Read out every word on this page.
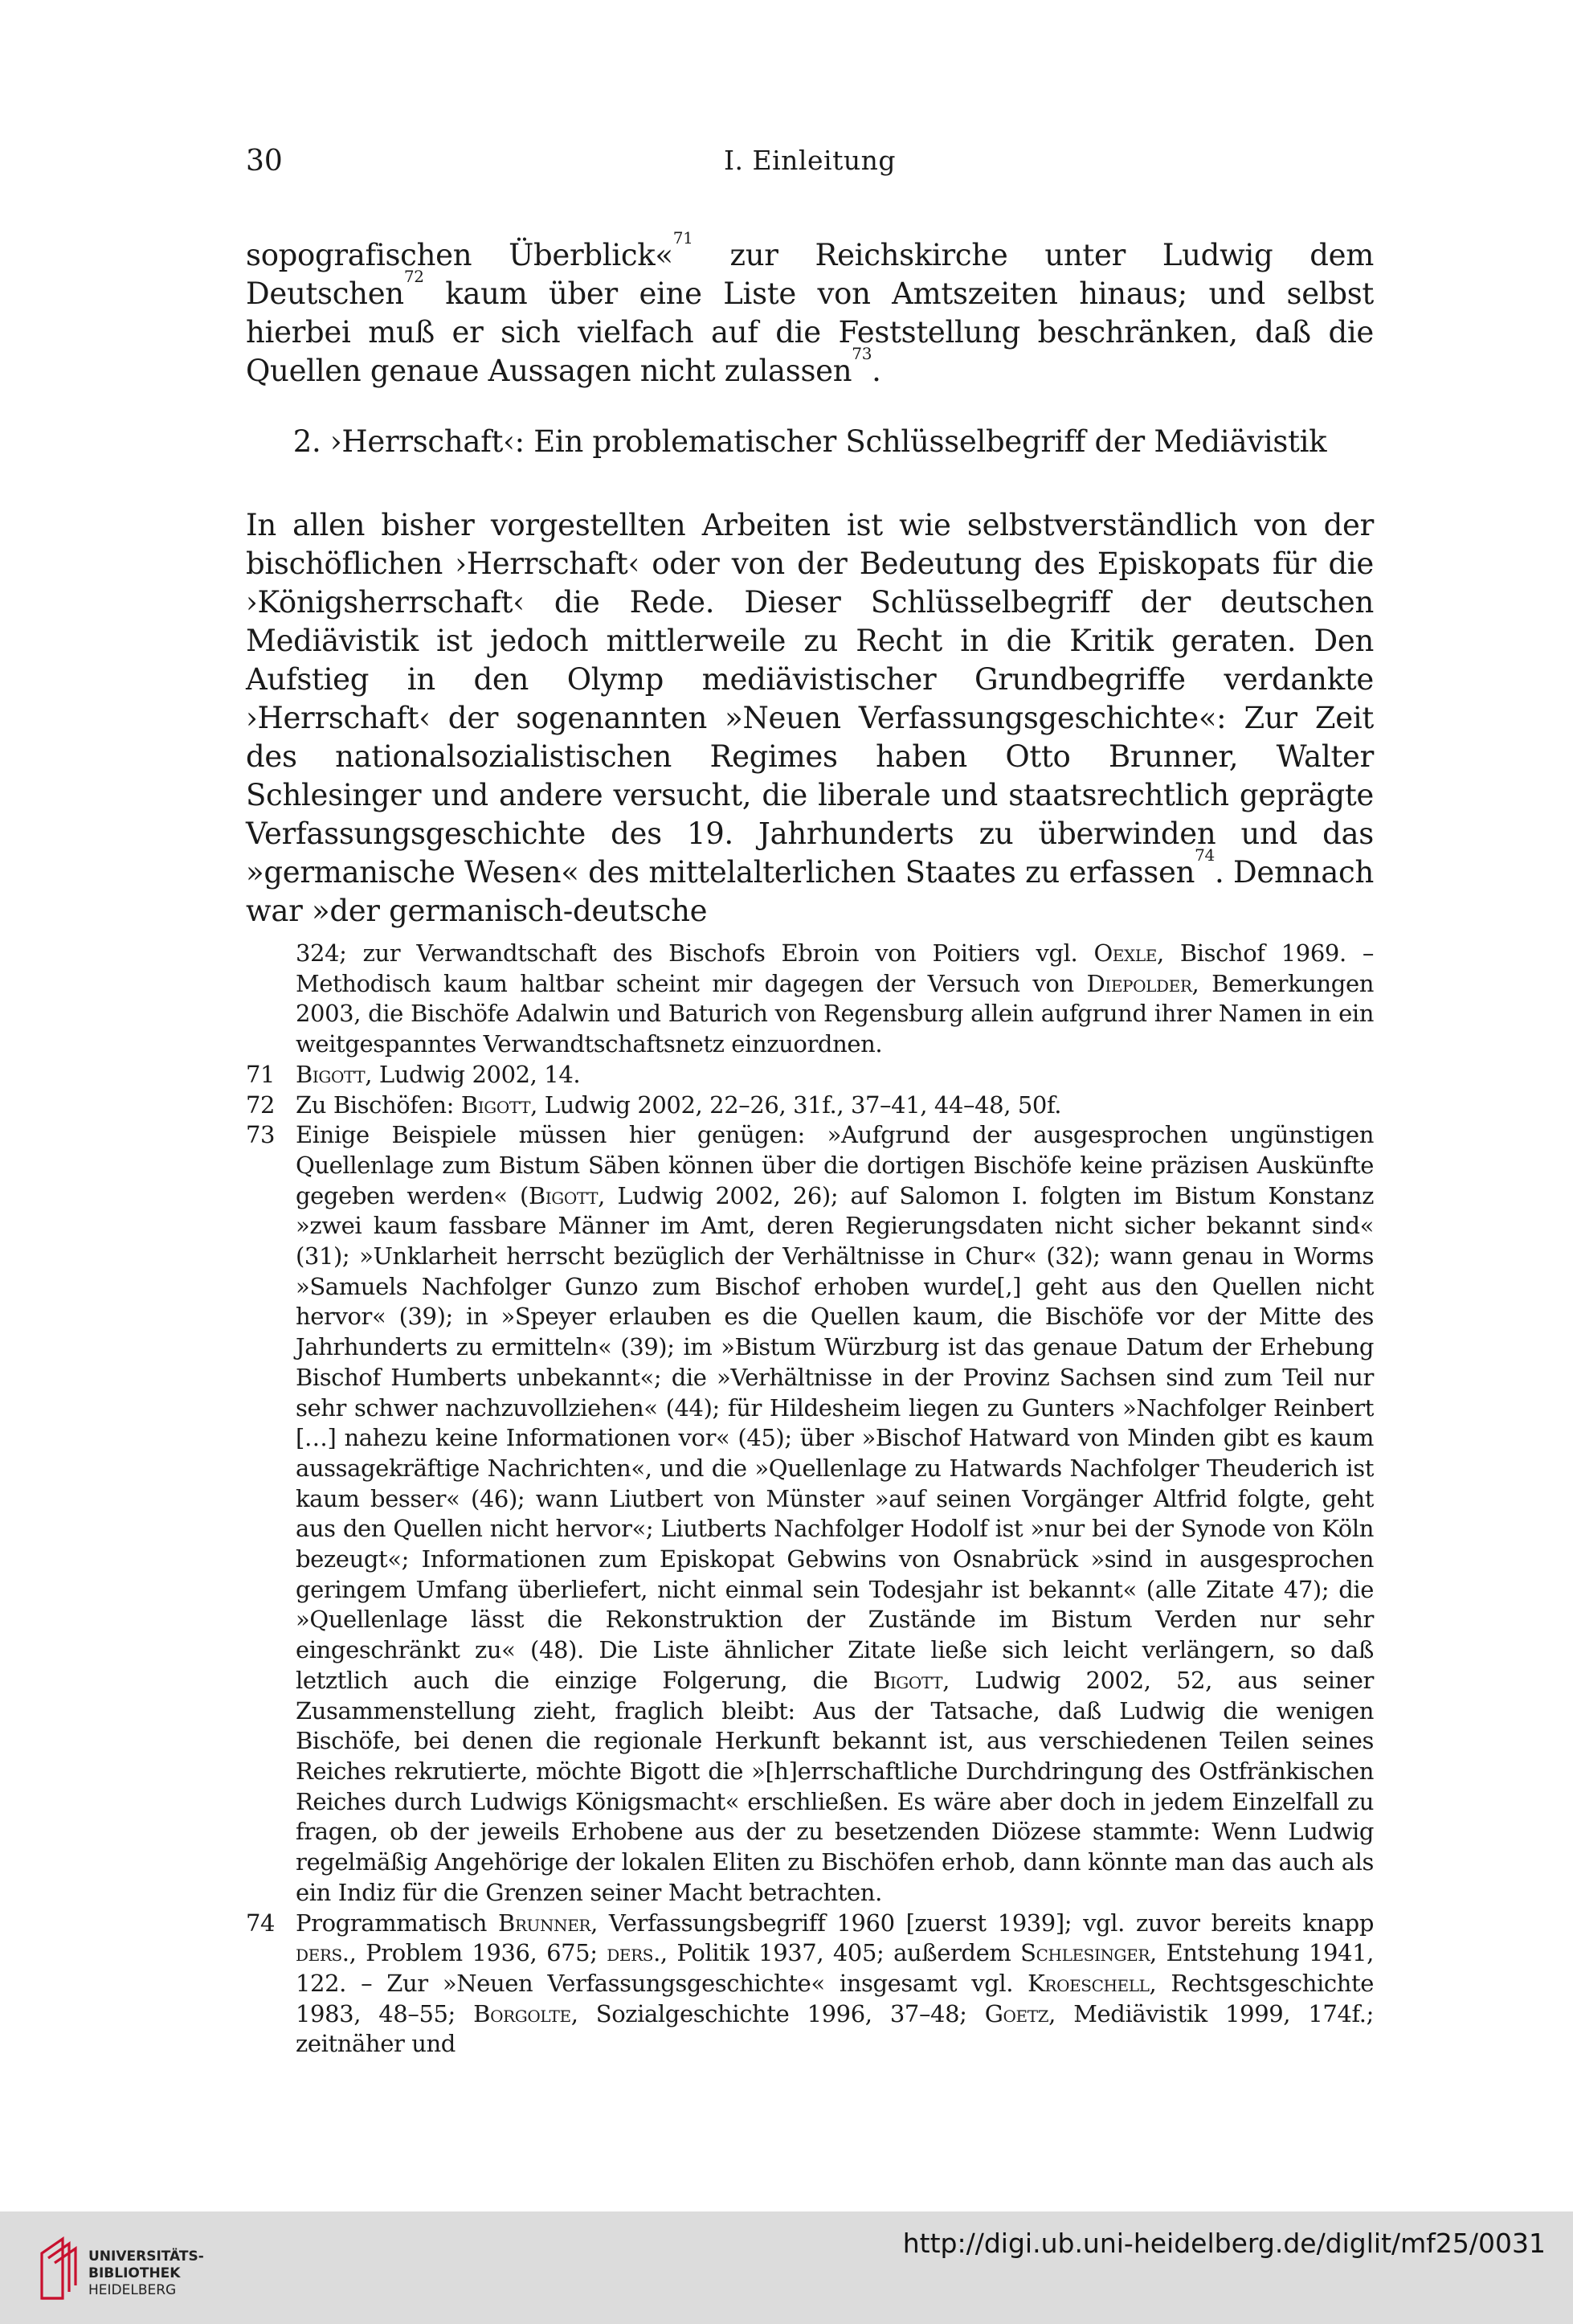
30	I. Einleitung

sopografischen Überblick«$^{71}$ zur Reichskirche unter Ludwig dem Deutschen$^{72}$ kaum über eine Liste von Amtszeiten hinaus; und selbst hierbei muß er sich vielfach auf die Feststellung beschränken, daß die Quellen genaue Aussagen nicht zulassen$^{73}$.

2. ›Herrschaft‹: Ein problematischer Schlüsselbegriff der Mediävistik

In allen bisher vorgestellten Arbeiten ist wie selbstverständlich von der bischöflichen ›Herrschaft‹ oder von der Bedeutung des Episkopats für die ›Königsherrschaft‹ die Rede. Dieser Schlüsselbegriff der deutschen Mediävistik ist jedoch mittlerweile zu Recht in die Kritik geraten. Den Aufstieg in den Olymp mediävistischer Grundbegriffe verdankte ›Herrschaft‹ der sogenannten »Neuen Verfassungsgeschichte«: Zur Zeit des nationalsozialistischen Regimes haben Otto Brunner, Walter Schlesinger und andere versucht, die liberale und staatsrechtlich geprägte Verfassungsgeschichte des 19. Jahrhunderts zu überwinden und das »germanische Wesen« des mittelalterlichen Staates zu erfassen$^{74}$. Demnach war »der germanisch-deutsche

324; zur Verwandtschaft des Bischofs Ebroin von Poitiers vgl. Oexle, Bischof 1969. – Methodisch kaum haltbar scheint mir dagegen der Versuch von Diepolder, Bemerkungen 2003, die Bischöfe Adalwin und Baturich von Regensburg allein aufgrund ihrer Namen in ein weitgespanntes Verwandtschaftsnetz einzuordnen.

71 Bigott, Ludwig 2002, 14.

72 Zu Bischöfen: Bigott, Ludwig 2002, 22–26, 31f., 37–41, 44–48, 50f.

73 Einige Beispiele müssen hier genügen: »Aufgrund der ausgesprochen ungünstigen Quellenlage zum Bistum Säben können über die dortigen Bischöfe keine präzisen Auskünfte gegeben werden« (Bigott, Ludwig 2002, 26); auf Salomon I. folgten im Bistum Konstanz »zwei kaum fassbare Männer im Amt, deren Regierungsdaten nicht sicher bekannt sind« (31); »Unklarheit herrscht bezüglich der Verhältnisse in Chur« (32); wann genau in Worms »Samuels Nachfolger Gunzo zum Bischof erhoben wurde[,] geht aus den Quellen nicht hervor« (39); in »Speyer erlauben es die Quellen kaum, die Bischöfe vor der Mitte des Jahrhunderts zu ermitteln« (39); im »Bistum Würzburg ist das genaue Datum der Erhebung Bischof Humberts unbekannt«; die »Verhältnisse in der Provinz Sachsen sind zum Teil nur sehr schwer nachzuvollziehen« (44); für Hildesheim liegen zu Gunters »Nachfolger Reinbert […] nahezu keine Informationen vor« (45); über »Bischof Hatward von Minden gibt es kaum aussagekräftige Nachrichten«, und die »Quellenlage zu Hatwards Nachfolger Theuderich ist kaum besser« (46); wann Liutbert von Münster »auf seinen Vorgänger Altfrid folgte, geht aus den Quellen nicht hervor«; Liutberts Nachfolger Hodolf ist »nur bei der Synode von Köln bezeugt«; Informationen zum Episkopat Gebwins von Osnabrück »sind in ausgesprochen geringem Umfang überliefert, nicht einmal sein Todesjahr ist bekannt« (alle Zitate 47); die »Quellenlage lässt die Rekonstruktion der Zustände im Bistum Verden nur sehr eingeschränkt zu« (48). Die Liste ähnlicher Zitate ließe sich leicht verlängern, so daß letztlich auch die einzige Folgerung, die Bigott, Ludwig 2002, 52, aus seiner Zusammenstellung zieht, fraglich bleibt: Aus der Tatsache, daß Ludwig die wenigen Bischöfe, bei denen die regionale Herkunft bekannt ist, aus verschiedenen Teilen seines Reiches rekrutierte, möchte Bigott die »[h]errschaftliche Durchdringung des Ostfränkischen Reiches durch Ludwigs Königsmacht« erschließen. Es wäre aber doch in jedem Einzelfall zu fragen, ob der jeweils Erhobene aus der zu besetzenden Diözese stammte: Wenn Ludwig regelmäßig Angehörige der lokalen Eliten zu Bischöfen erhob, dann könnte man das auch als ein Indiz für die Grenzen seiner Macht betrachten.

74 Programmatisch Brunner, Verfassungsbegriff 1960 [zuerst 1939]; vgl. zuvor bereits knapp ders., Problem 1936, 675; ders., Politik 1937, 405; außerdem Schlesinger, Entstehung 1941, 122. – Zur »Neuen Verfassungsgeschichte« insgesamt vgl. Kroeschell, Rechtsgeschichte 1983, 48–55; Borgolte, Sozialgeschichte 1996, 37–48; Goetz, Mediävistik 1999, 174f.; zeitnäher und

UNIVERSITÄTS-
BIBLIOTHEK
HEIDELBERG
http://digi.ub.uni-heidelberg.de/diglit/mf25/0031
